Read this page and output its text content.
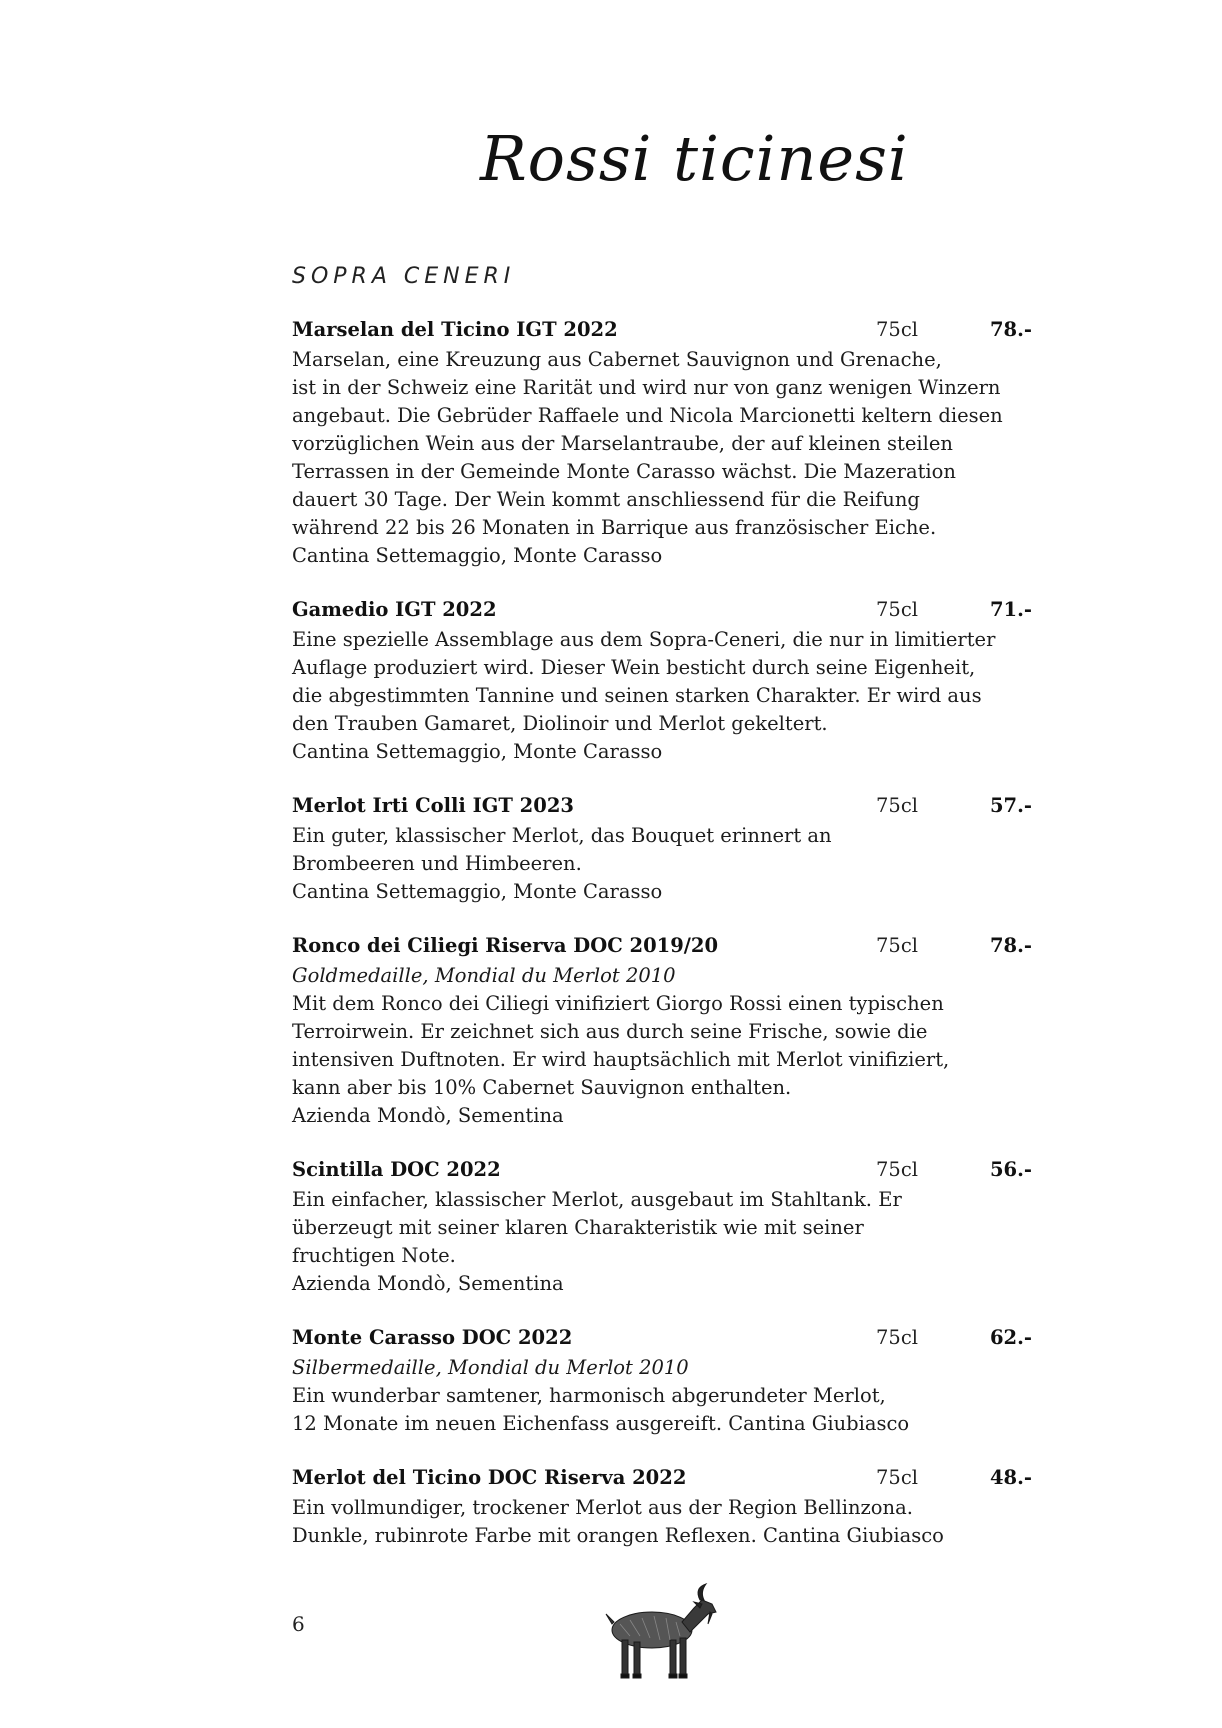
Rossi ticinesi
SOPRA CENERI
Marselan del Ticino IGT 2022	75cl	78.-
Marselan, eine Kreuzung aus Cabernet Sauvignon und Grenache,
ist in der Schweiz eine Rarität und wird nur von ganz wenigen Winzern
angebaut. Die Gebrüder Raffaele und Nicola Marcionetti keltern diesen
vorzüglichen Wein aus der Marselantraube, der auf kleinen steilen
Terrassen in der Gemeinde Monte Carasso wächst. Die Mazeration
dauert 30 Tage. Der Wein kommt anschliessend für die Reifung
während 22 bis 26 Monaten in Barrique aus französischer Eiche.
Cantina Settemaggio, Monte Carasso
Gamedio IGT 2022	75cl	71.-
Eine spezielle Assemblage aus dem Sopra-Ceneri, die nur in limitierter
Auflage produziert wird. Dieser Wein besticht durch seine Eigenheit,
die abgestimmten Tannine und seinen starken Charakter. Er wird aus
den Trauben Gamaret, Diolinoir und Merlot gekeltert.
Cantina Settemaggio, Monte Carasso
Merlot Irti Colli IGT 2023	75cl	57.-
Ein guter, klassischer Merlot, das Bouquet erinnert an
Brombeeren und Himbeeren.
Cantina Settemaggio, Monte Carasso
Ronco dei Ciliegi Riserva DOC 2019/20	75cl	78.-
Goldmedaille, Mondial du Merlot 2010
Mit dem Ronco dei Ciliegi vinifiziert Giorgo Rossi einen typischen
Terroirwein. Er zeichnet sich aus durch seine Frische, sowie die
intensiven Duftnoten. Er wird hauptsächlich mit Merlot vinifiziert,
kann aber bis 10% Cabernet Sauvignon enthalten.
Azienda Mondò, Sementina
Scintilla DOC 2022	75cl	56.-
Ein einfacher, klassischer Merlot, ausgebaut im Stahltank. Er
überzeugt mit seiner klaren Charakteristik wie mit seiner
fruchtigen Note.
Azienda Mondò, Sementina
Monte Carasso DOC 2022	75cl	62.-
Silbermedaille, Mondial du Merlot 2010
Ein wunderbar samtener, harmonisch abgerundeter Merlot,
12 Monate im neuen Eichenfass ausgereift. Cantina Giubiasco
Merlot del Ticino DOC Riserva 2022	75cl	48.-
Ein vollmundiger, trockener Merlot aus der Region Bellinzona.
Dunkle, rubinrote Farbe mit orangen Reflexen. Cantina Giubiasco
6
